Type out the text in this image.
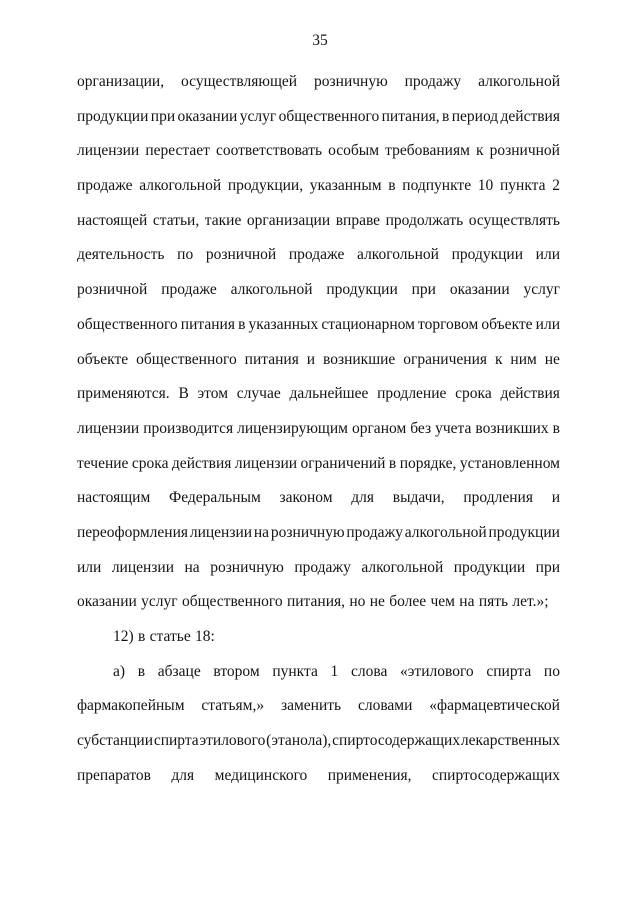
35
организации, осуществляющей розничную продажу алкогольной
продукции при оказании услуг общественного питания, в период действия
лицензии перестает соответствовать особым требованиям к розничной
продаже алкогольной продукции, указанным в подпункте 10 пункта 2
настоящей статьи, такие организации вправе продолжать осуществлять
деятельность по розничной продаже алкогольной продукции или
розничной продаже алкогольной продукции при оказании услуг
общественного питания в указанных стационарном торговом объекте или
объекте общественного питания и возникшие ограничения к ним не
применяются. В этом случае дальнейшее продление срока действия
лицензии производится лицензирующим органом без учета возникших в
течение срока действия лицензии ограничений в порядке, установленном
настоящим Федеральным законом для выдачи, продления и
переоформления лицензии на розничную продажу алкогольной продукции
или лицензии на розничную продажу алкогольной продукции при
оказании услуг общественного питания, но не более чем на пять лет.»;
12) в статье 18:
а) в абзаце втором пункта 1 слова «этилового спирта по
фармакопейным статьям,» заменить словами «фармацевтической
субстанции спирта этилового (этанола), спиртосодержащих лекарственных
препаратов для медицинского применения, спиртосодержащих
